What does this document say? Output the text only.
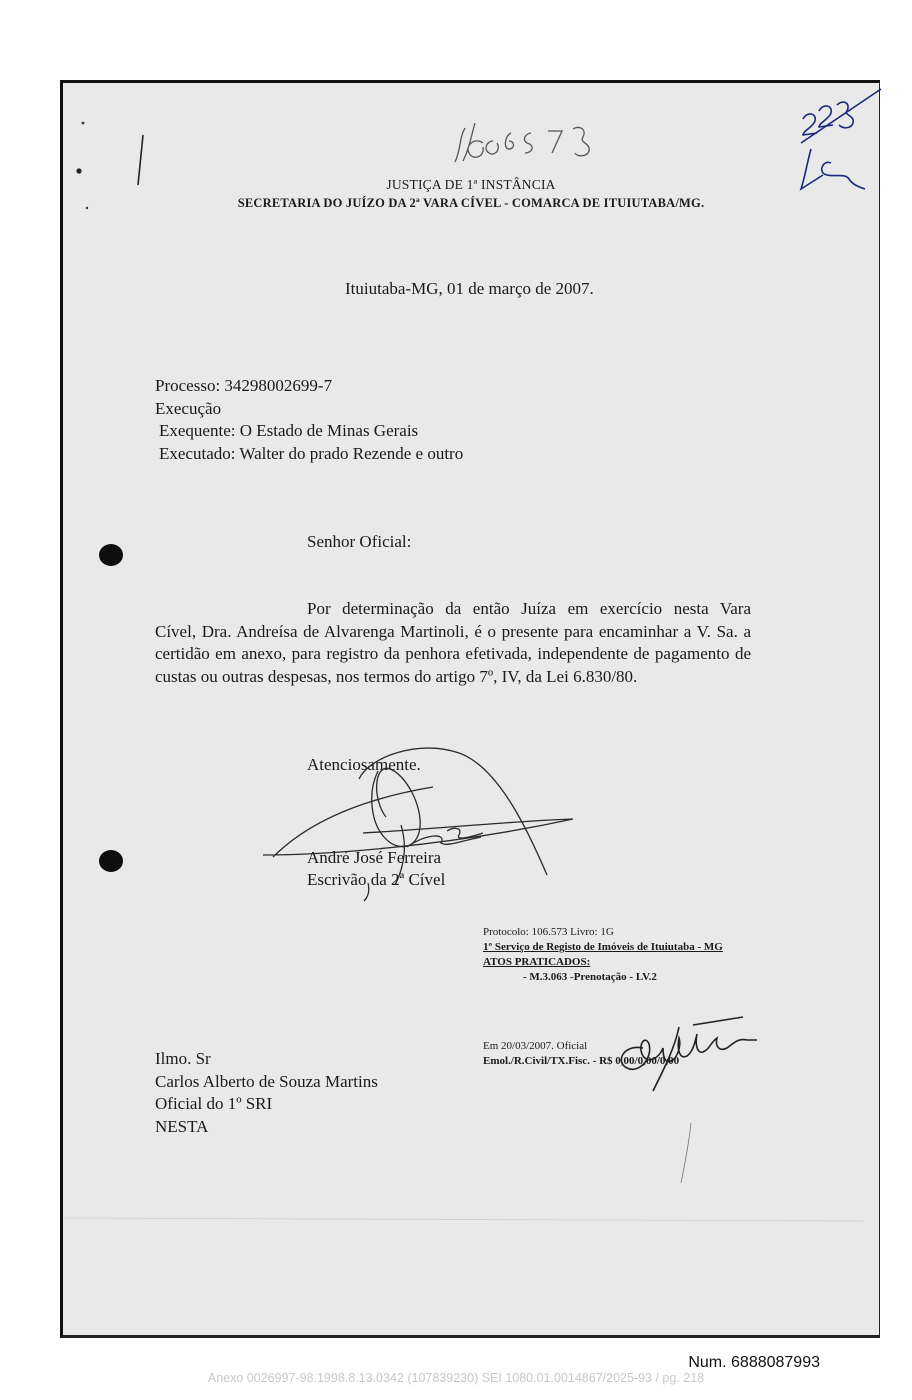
JUSTIÇA DE 1ª INSTÂNCIA
SECRETARIA DO JUÍZO DA 2ª VARA CÍVEL - COMARCA DE ITUIUTABA/MG.
Ituiutaba-MG, 01 de março de 2007.
Processo: 34298002699-7
Execução
Exequente: O Estado de Minas Gerais
Executado: Walter do prado Rezende e outro
Senhor Oficial:

Por determinação da então Juíza em exercício nesta Vara

Cível, Dra. Andreísa de Alvarenga Martinoli, é o presente para encaminhar a V. Sa. a certidão em anexo, para registro da penhora efetivada, independente de pagamento de custas ou outras despesas, nos termos do artigo 7º, IV, da Lei 6.830/80.

Atenciosamente.
André José Ferreira
Escrivão da 2ª Cível
Protocolo: 106.573 Livro: 1G
1º Serviço de Registo de Imóveis de Ituiutaba - MG
ATOS PRATICADOS:
- M.3.063 -Prenotação - LV.2
Em 20/03/2007. Oficial
Emol./R.Civil/TX.Fisc. - R$ 0,00/0,00/0,00
Ilmo. Sr
Carlos Alberto de Souza Martins
Oficial do 1º SRI
NESTA
Num. 6888087993
Anexo 0026997-98.1998.8.13.0342 (107839230) SEI 1080.01.0014867/2025-93 / pg. 218
